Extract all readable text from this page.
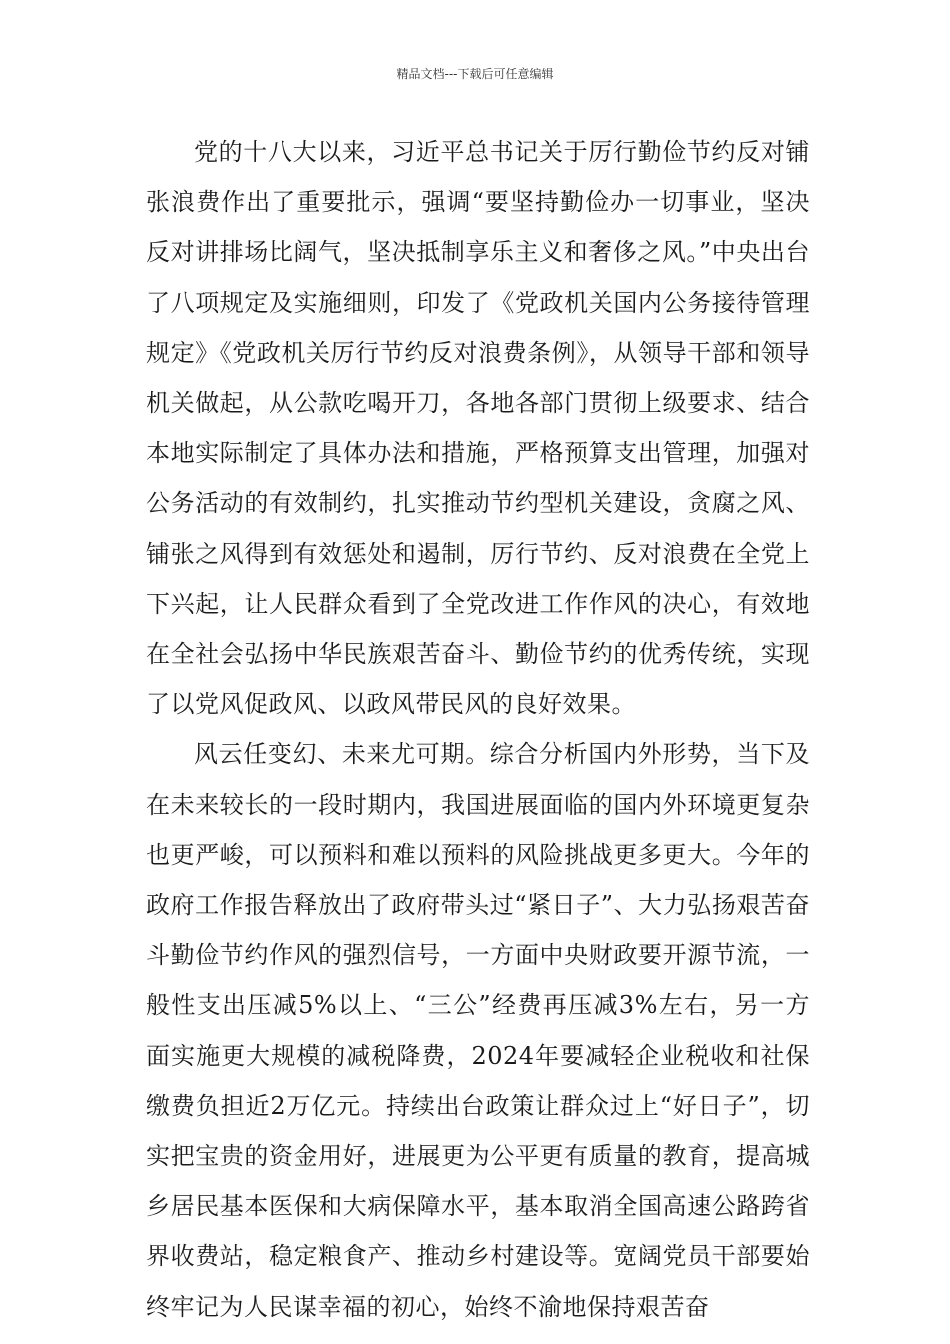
精品文档---下载后可任意编辑

党的十八大以来，习近平总书记关于厉行勤俭节约反对铺张浪费作出了重要批示，强调“要坚持勤俭办一切事业，坚决反对讲排场比阔气，坚决抵制享乐主义和奢侈之风。”中央出台了八项规定及实施细则，印发了《党政机关国内公务接待管理规定》《党政机关厉行节约反对浪费条例》，从领导干部和领导机关做起，从公款吃喝开刀，各地各部门贯彻上级要求、结合本地实际制定了具体办法和措施，严格预算支出管理，加强对公务活动的有效制约，扎实推动节约型机关建设，贪腐之风、铺张之风得到有效惩处和遏制，厉行节约、反对浪费在全党上下兴起，让人民群众看到了全党改进工作作风的决心，有效地在全社会弘扬中华民族艰苦奋斗、勤俭节约的优秀传统，实现了以党风促政风、以政风带民风的良好效果。

风云任变幻、未来尤可期。综合分析国内外形势，当下及在未来较长的一段时期内，我国进展面临的国内外环境更复杂也更严峻，可以预料和难以预料的风险挑战更多更大。今年的政府工作报告释放出了政府带头过“紧日子”、大力弘扬艰苦奋斗勤俭节约作风的强烈信号，一方面中央财政要开源节流，一般性支出压减5%以上、“三公”经费再压减3%左右，另一方面实施更大规模的减税降费，2024年要减轻企业税收和社保缴费负担近2万亿元。持续出台政策让群众过上“好日子”，切实把宝贵的资金用好，进展更为公平更有质量的教育，提高城乡居民基本医保和大病保障水平，基本取消全国高速公路跨省界收费站，稳定粮食产、推动乡村建设等。宽阔党员干部要始终牢记为人民谋幸福的初心，始终不渝地保持艰苦奋
